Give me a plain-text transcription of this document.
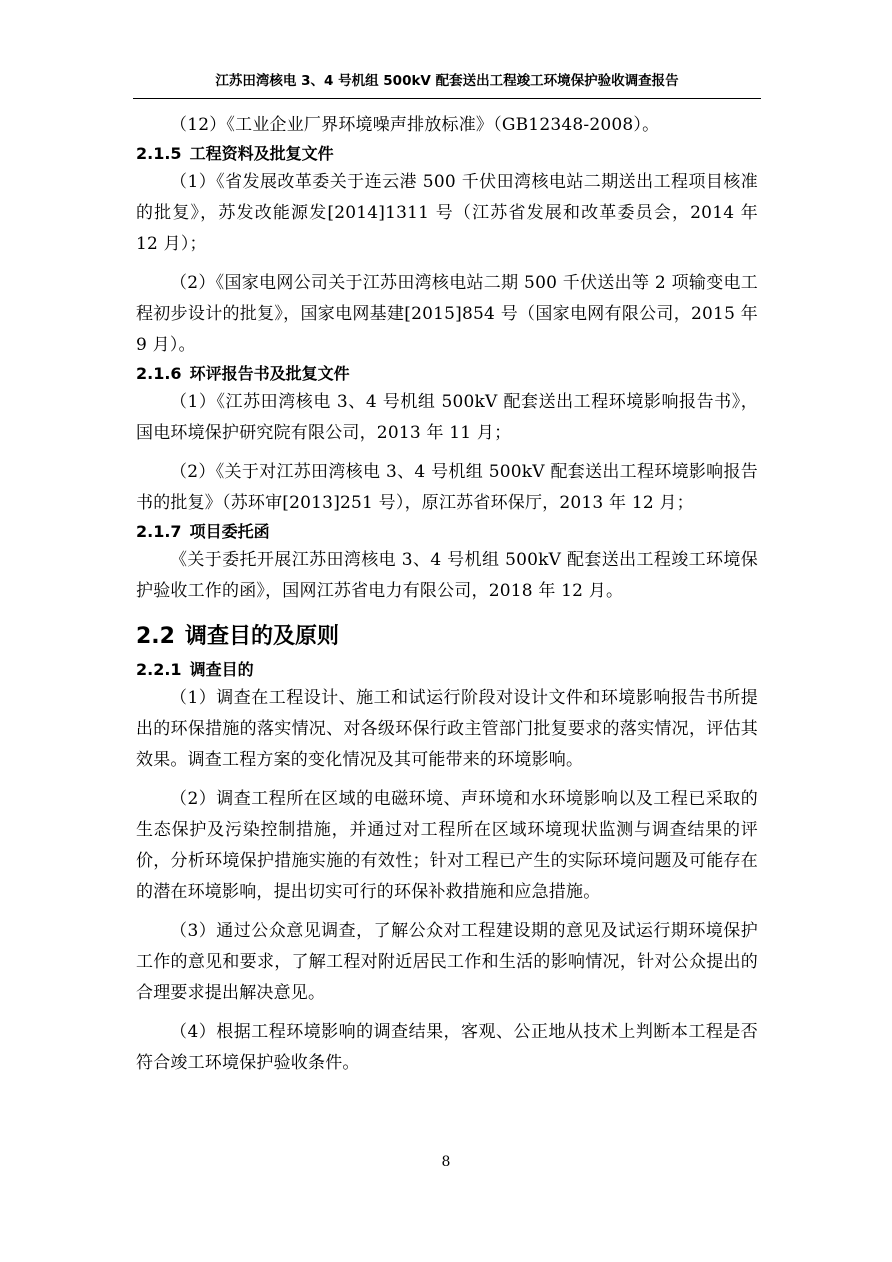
江苏田湾核电 3、4 号机组 500kV 配套送出工程竣工环境保护验收调查报告

（12）《工业企业厂界环境噪声排放标准》（GB12348-2008）。

2.1.5 工程资料及批复文件

（1）《省发展改革委关于连云港 500 千伏田湾核电站二期送出工程项目核准的批复》，苏发改能源发[2014]1311 号（江苏省发展和改革委员会，2014 年 12 月）；

（2）《国家电网公司关于江苏田湾核电站二期 500 千伏送出等 2 项输变电工程初步设计的批复》，国家电网基建[2015]854 号（国家电网有限公司，2015 年 9 月）。

2.1.6 环评报告书及批复文件

（1）《江苏田湾核电 3、4 号机组 500kV 配套送出工程环境影响报告书》，国电环境保护研究院有限公司，2013 年 11 月；

（2）《关于对江苏田湾核电 3、4 号机组 500kV 配套送出工程环境影响报告书的批复》（苏环审[2013]251 号），原江苏省环保厅，2013 年 12 月；

2.1.7 项目委托函

《关于委托开展江苏田湾核电 3、4 号机组 500kV 配套送出工程竣工环境保护验收工作的函》，国网江苏省电力有限公司，2018 年 12 月。

2.2 调查目的及原则
2.2.1 调查目的

（1）调查在工程设计、施工和试运行阶段对设计文件和环境影响报告书所提出的环保措施的落实情况、对各级环保行政主管部门批复要求的落实情况，评估其效果。调查工程方案的变化情况及其可能带来的环境影响。

（2）调查工程所在区域的电磁环境、声环境和水环境影响以及工程已采取的生态保护及污染控制措施，并通过对工程所在区域环境现状监测与调查结果的评价，分析环境保护措施实施的有效性；针对工程已产生的实际环境问题及可能存在的潜在环境影响，提出切实可行的环保补救措施和应急措施。

（3）通过公众意见调查，了解公众对工程建设期的意见及试运行期环境保护工作的意见和要求，了解工程对附近居民工作和生活的影响情况，针对公众提出的合理要求提出解决意见。

（4）根据工程环境影响的调查结果，客观、公正地从技术上判断本工程是否符合竣工环境保护验收条件。

8
